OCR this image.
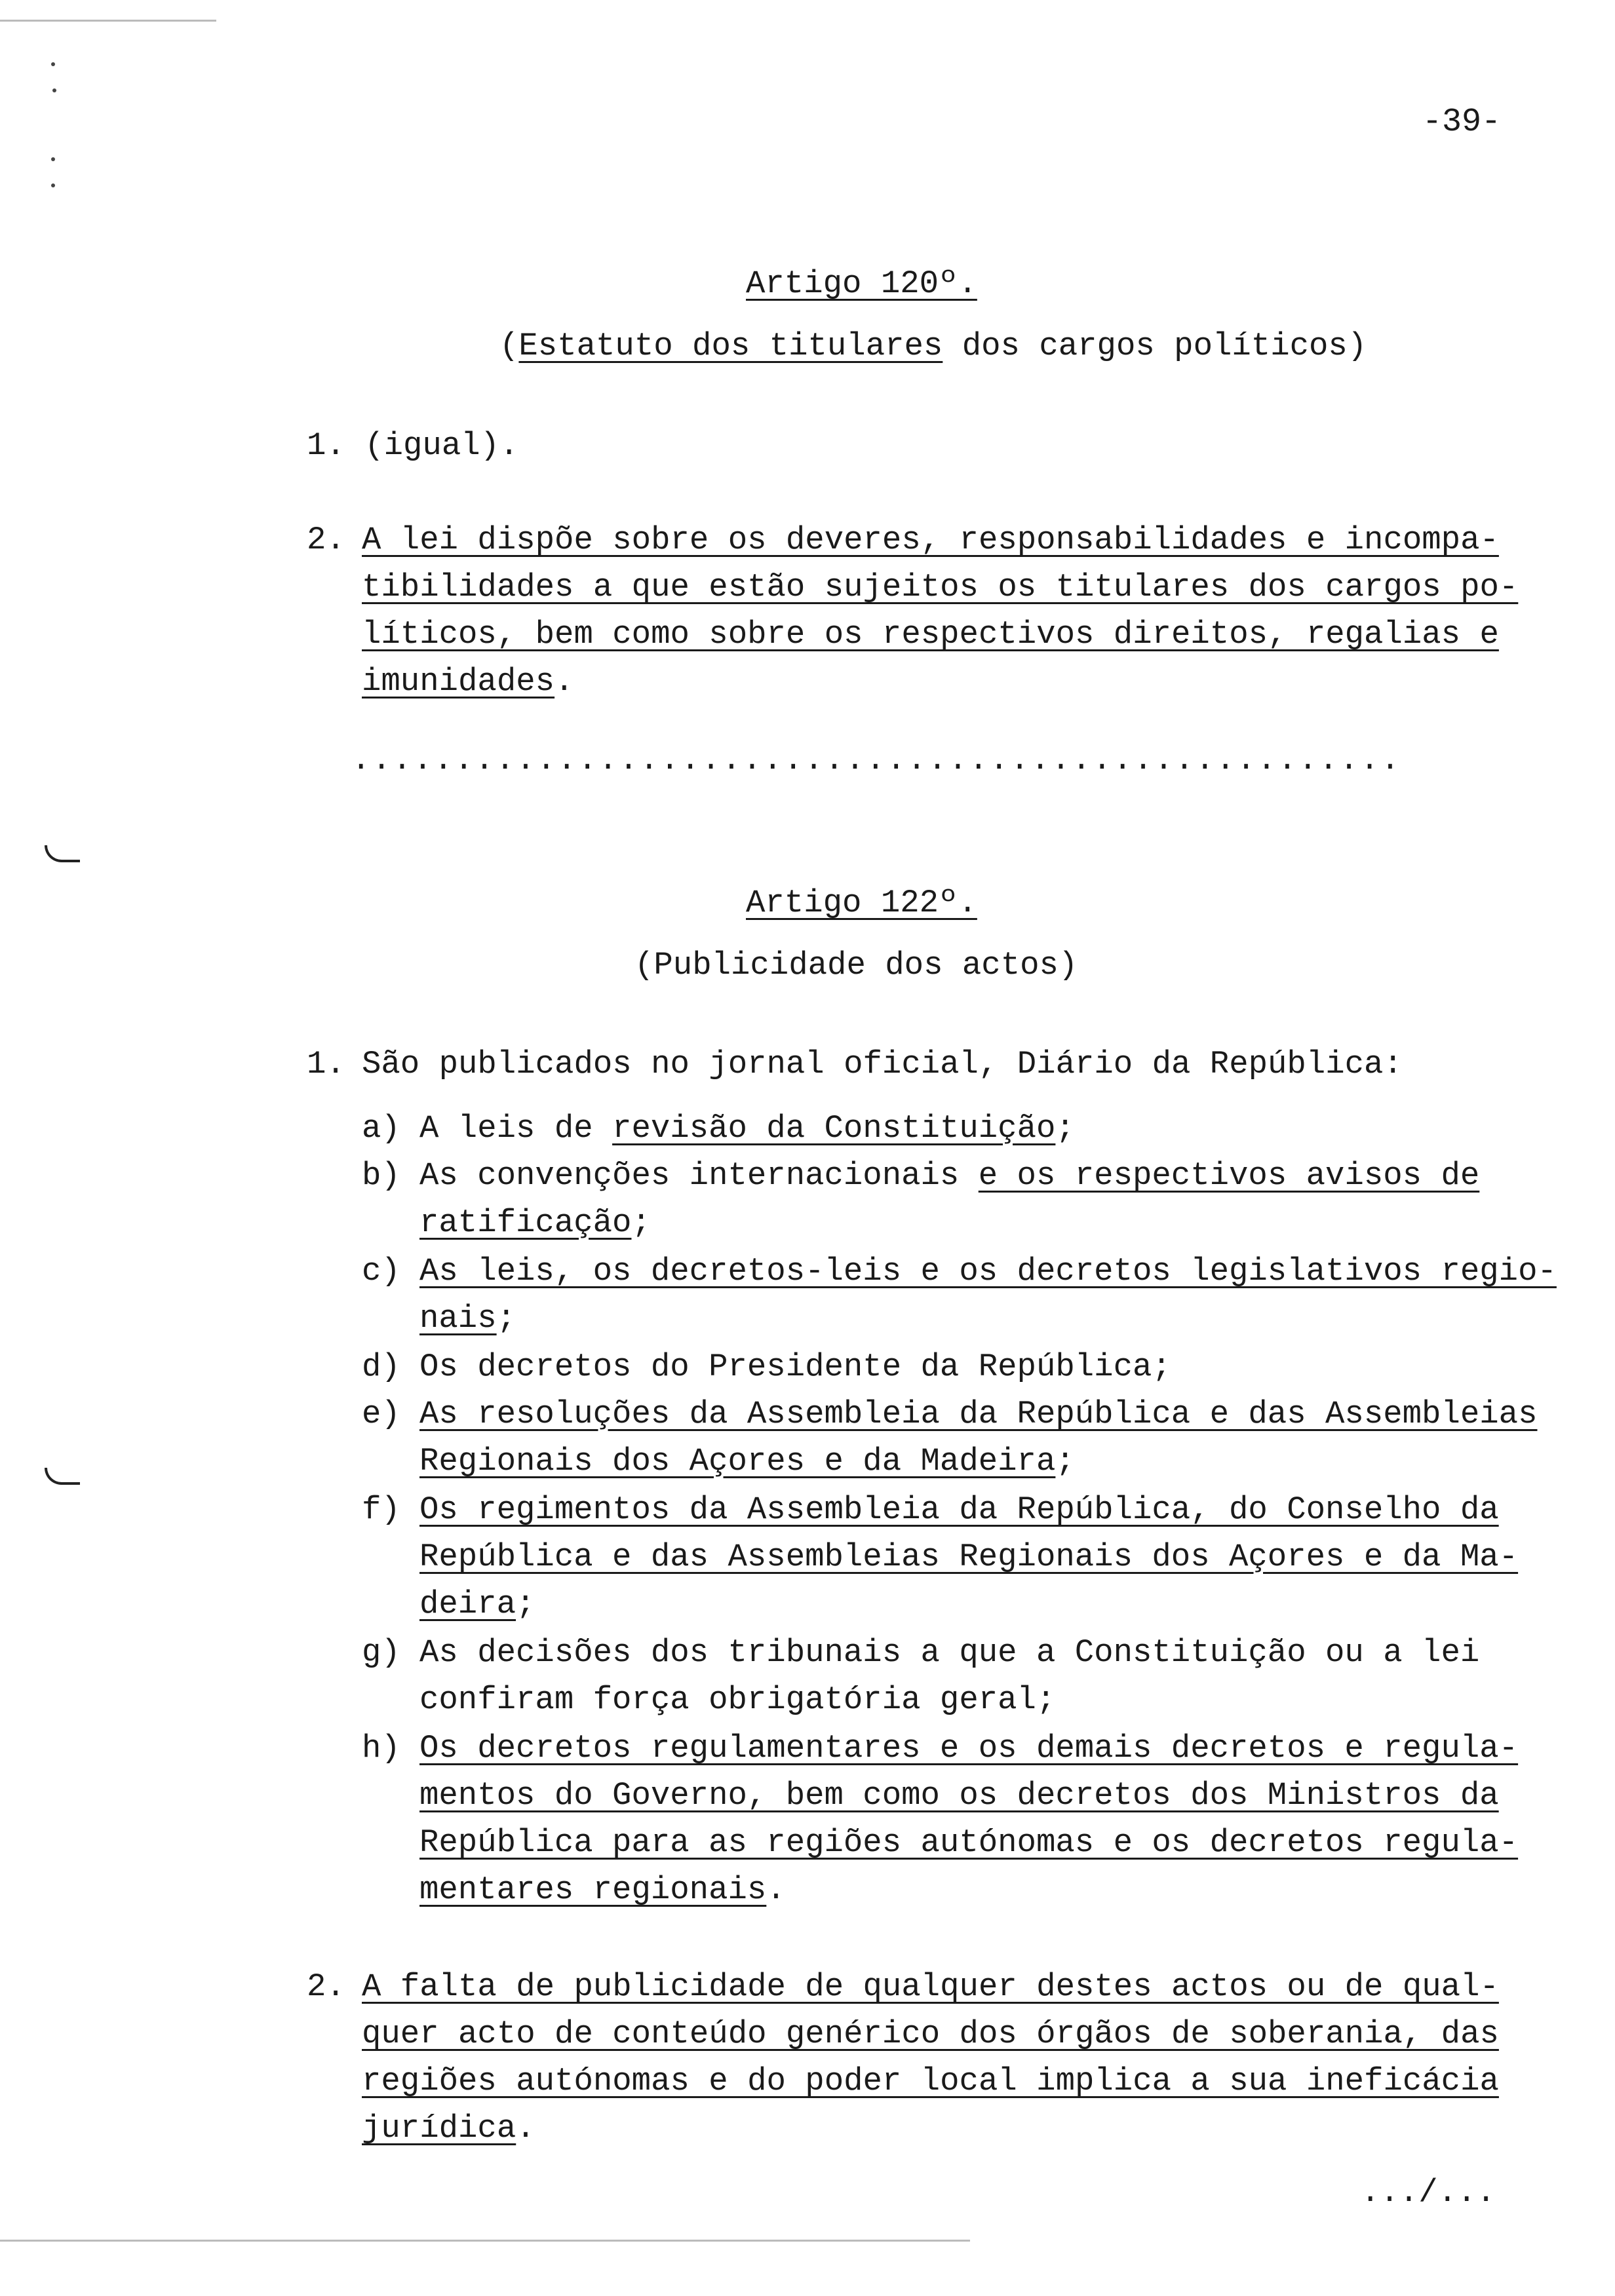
-39-
Artigo 120º.
(Estatuto dos titulares dos cargos políticos)
1. (igual).
2. A lei dispõe sobre os deveres, responsabilidades e incompa-
tibilidades a que estão sujeitos os titulares dos cargos po-
líticos, bem como sobre os respectivos direitos, regalias e
imunidades.
...................................................
Artigo 122º.
(Publicidade dos actos)
1. São publicados no jornal oficial, Diário da República:
a) A leis de revisão da Constituição;
b) As convenções internacionais e os respectivos avisos de
ratificação;
c) As leis, os decretos-leis e os decretos legislativos regio-
nais;
d) Os decretos do Presidente da República;
e) As resoluções da Assembleia da República e das Assembleias
Regionais dos Açores e da Madeira;
f) Os regimentos da Assembleia da República, do Conselho da
República e das Assembleias Regionais dos Açores e da Ma-
deira;
g) As decisões dos tribunais a que a Constituição ou a lei
confiram força obrigatória geral;
h) Os decretos regulamentares e os demais decretos e regula-
mentos do Governo, bem como os decretos dos Ministros da
República para as regiões autónomas e os decretos regula-
mentares regionais.
2. A falta de publicidade de qualquer destes actos ou de qual-
quer acto de conteúdo genérico dos órgãos de soberania, das
regiões autónomas e do poder local implica a sua ineficácia
jurídica.
.../...
